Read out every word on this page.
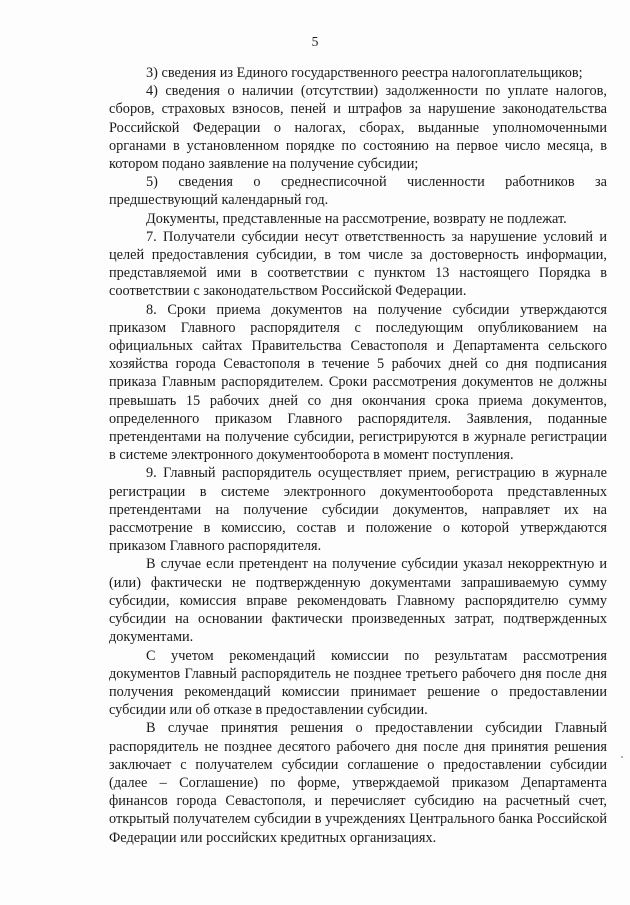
5

3) сведения из Единого государственного реестра налогоплательщиков;

4) сведения о наличии (отсутствии) задолженности по уплате налогов, сборов, страховых взносов, пеней и штрафов за нарушение законодательства Российской Федерации о налогах, сборах, выданные уполномоченными органами в установленном порядке по состоянию на первое число месяца, в котором подано заявление на получение субсидии;

5) сведения о среднесписочной численности работников за предшествующий календарный год.

Документы, представленные на рассмотрение, возврату не подлежат.

7. Получатели субсидии несут ответственность за нарушение условий и целей предоставления субсидии, в том числе за достоверность информации, представляемой ими в соответствии с пунктом 13 настоящего Порядка в соответствии с законодательством Российской Федерации.

8. Сроки приема документов на получение субсидии утверждаются приказом Главного распорядителя с последующим опубликованием на официальных сайтах Правительства Севастополя и Департамента сельского хозяйства города Севастополя в течение 5 рабочих дней со дня подписания приказа Главным распорядителем. Сроки рассмотрения документов не должны превышать 15 рабочих дней со дня окончания срока приема документов, определенного приказом Главного распорядителя. Заявления, поданные претендентами на получение субсидии, регистрируются в журнале регистрации в системе электронного документооборота в момент поступления.

9. Главный распорядитель осуществляет прием, регистрацию в журнале регистрации в системе электронного документооборота представленных претендентами на получение субсидии документов, направляет их на рассмотрение в комиссию, состав и положение о которой утверждаются приказом Главного распорядителя.

В случае если претендент на получение субсидии указал некорректную и (или) фактически не подтвержденную документами запрашиваемую сумму субсидии, комиссия вправе рекомендовать Главному распорядителю сумму субсидии на основании фактически произведенных затрат, подтвержденных документами.

С учетом рекомендаций комиссии по результатам рассмотрения документов Главный распорядитель не позднее третьего рабочего дня после дня получения рекомендаций комиссии принимает решение о предоставлении субсидии или об отказе в предоставлении субсидии.

В случае принятия решения о предоставлении субсидии Главный распорядитель не позднее десятого рабочего дня после дня принятия решения заключает с получателем субсидии соглашение о предоставлении субсидии (далее – Соглашение) по форме, утверждаемой приказом Департамента финансов города Севастополя, и перечисляет субсидию на расчетный счет, открытый получателем субсидии в учреждениях Центрального банка Российской Федерации или российских кредитных организациях.
